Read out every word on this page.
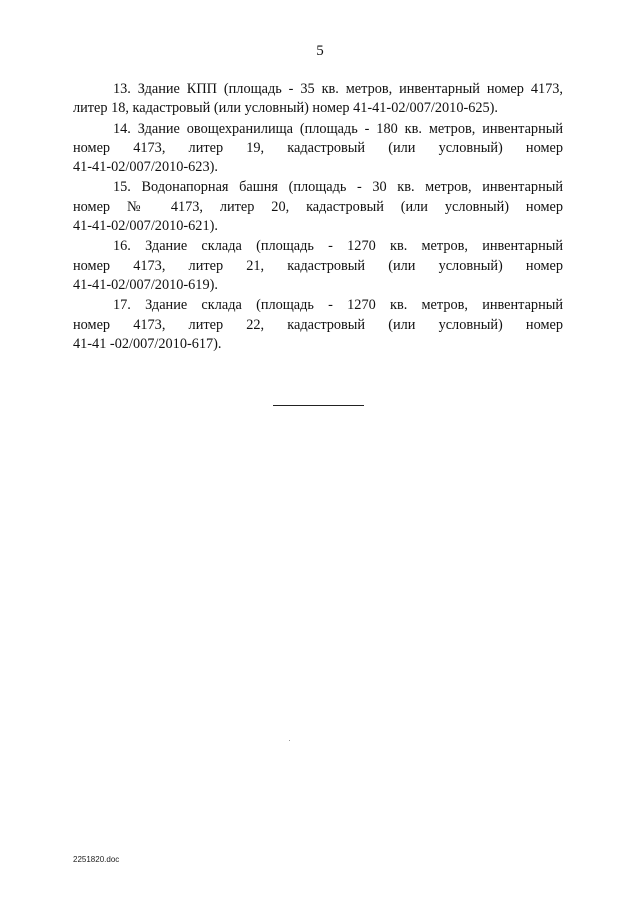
5
13. Здание КПП (площадь - 35 кв. метров, инвентарный номер 4173,
литер 18, кадастровый (или условный) номер 41-41-02/007/2010-625).
14. Здание овощехранилища (площадь - 180 кв. метров, инвентарный
номер 4173, литер 19, кадастровый (или условный) номер
41-41-02/007/2010-623).
15. Водонапорная башня (площадь - 30 кв. метров, инвентарный
номер № 4173, литер 20, кадастровый (или условный) номер
41-41-02/007/2010-621).
16. Здание склада (площадь - 1270 кв. метров, инвентарный
номер 4173, литер 21, кадастровый (или условный) номер
41-41-02/007/2010-619).
17. Здание склада (площадь - 1270 кв. метров, инвентарный
номер 4173, литер 22, кадастровый (или условный) номер
41-41 -02/007/2010-617).
2251820.doc
